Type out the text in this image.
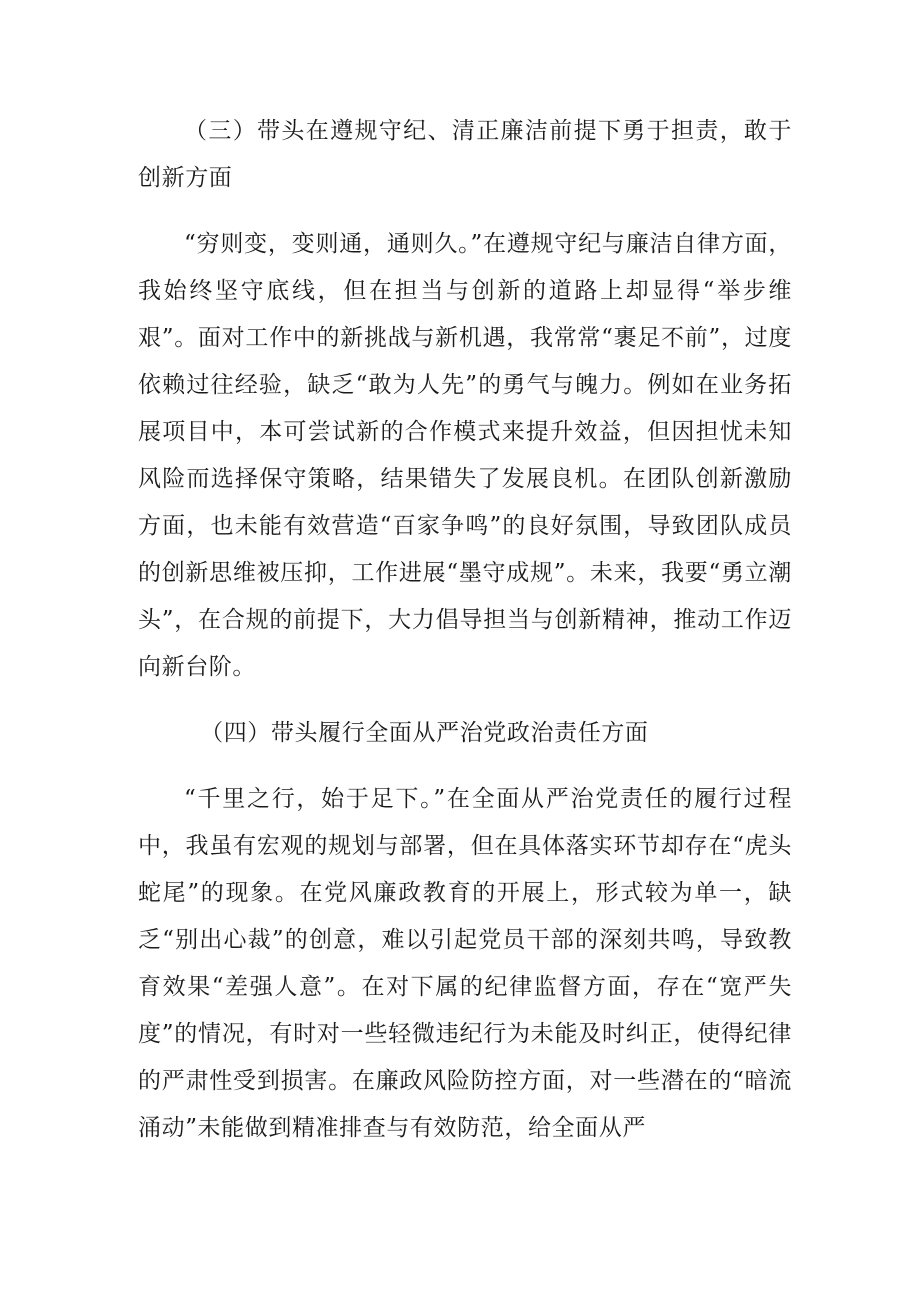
（三）带头在遵规守纪、清正廉洁前提下勇于担责，敢于创新方面

“穷则变，变则通，通则久。”在遵规守纪与廉洁自律方面，我始终坚守底线，但在担当与创新的道路上却显得“举步维艰”。面对工作中的新挑战与新机遇，我常常“裹足不前”，过度依赖过往经验，缺乏“敢为人先”的勇气与魄力。例如在业务拓展项目中，本可尝试新的合作模式来提升效益，但因担忧未知风险而选择保守策略，结果错失了发展良机。在团队创新激励方面，也未能有效营造“百家争鸣”的良好氛围，导致团队成员的创新思维被压抑，工作进展“墨守成规”。未来，我要“勇立潮头”，在合规的前提下，大力倡导担当与创新精神，推动工作迈向新台阶。

（四）带头履行全面从严治党政治责任方面

“千里之行，始于足下。”在全面从严治党责任的履行过程中，我虽有宏观的规划与部署，但在具体落实环节却存在“虎头蛇尾”的现象。在党风廉政教育的开展上，形式较为单一，缺乏“别出心裁”的创意，难以引起党员干部的深刻共鸣，导致教育效果“差强人意”。在对下属的纪律监督方面，存在“宽严失度”的情况，有时对一些轻微违纪行为未能及时纠正，使得纪律的严肃性受到损害。在廉政风险防控方面，对一些潜在的“暗流涌动”未能做到精准排查与有效防范，给全面从严
